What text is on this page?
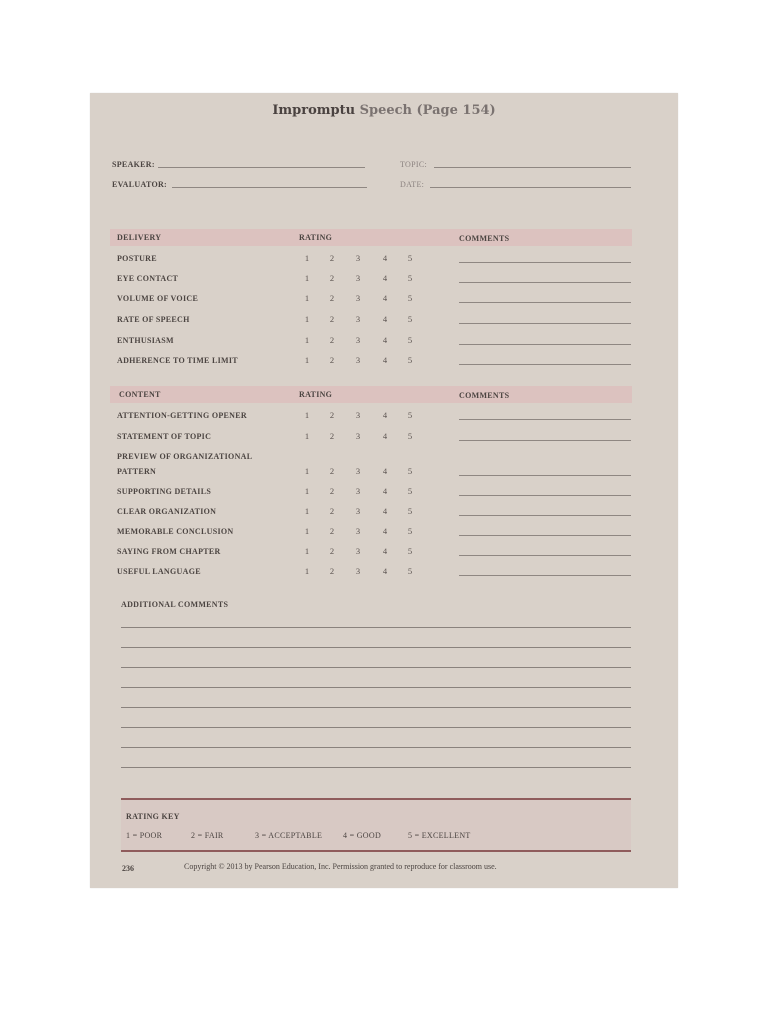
Impromptu Speech (Page 154)
SPEAKER:
EVALUATOR:
TOPIC:
DATE:
DELIVERY	RATING	COMMENTS
POSTURE	1	2	3	4	5
EYE CONTACT	1	2	3	4	5
VOLUME OF VOICE	1	2	3	4	5
RATE OF SPEECH	1	2	3	4	5
ENTHUSIASM	1	2	3	4	5
ADHERENCE TO TIME LIMIT	1	2	3	4	5
CONTENT	RATING	COMMENTS
ATTENTION-GETTING OPENER	1	2	3	4	5
STATEMENT OF TOPIC	1	2	3	4	5
PREVIEW OF ORGANIZATIONAL
PATTERN	1	2	3	4	5
SUPPORTING DETAILS	1	2	3	4	5
CLEAR ORGANIZATION	1	2	3	4	5
MEMORABLE CONCLUSION	1	2	3	4	5
SAYING FROM CHAPTER	1	2	3	4	5
USEFUL LANGUAGE	1	2	3	4	5
ADDITIONAL COMMENTS
RATING KEY
1 = POOR	2 = FAIR	3 = ACCEPTABLE	4 = GOOD	5 = EXCELLENT
236	Copyright © 2013 by Pearson Education, Inc. Permission granted to reproduce for classroom use.
